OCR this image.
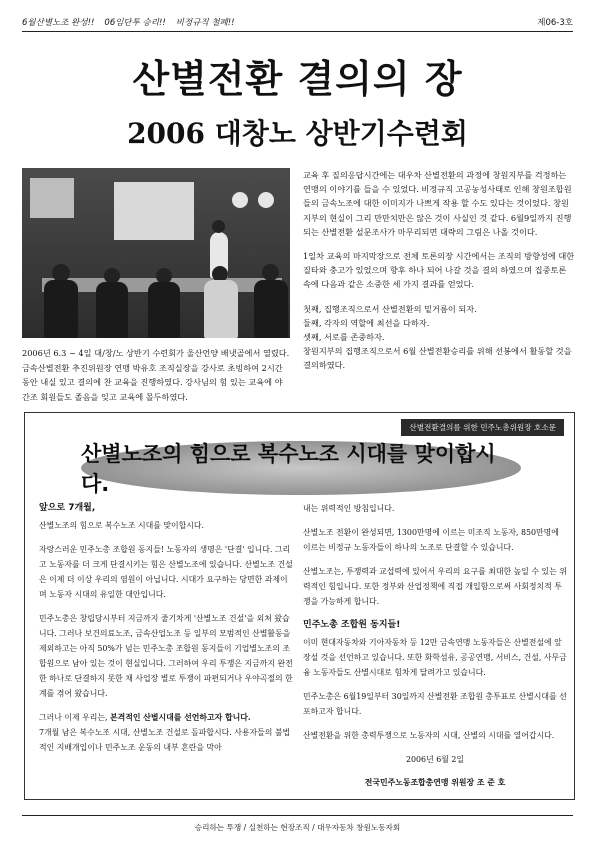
6월산별노조 완성!! 06임단투 승리!! 비정규직 철폐!!	제06-3호
산별전환 결의의 장
2006 대창노 상반기수련회
2006년 6.3 ~ 4일 대/창/노 상반기 수련회가 울산언양 배냇골에서 열렸다. 금속산별전환 추진위원장 연맹 박유호 조직실장을 강사로 초빙하여 2시간동안 내실 있고 결의에 찬 교육을 진행하였다. 강사님의 힘 있는 교육에 야간조 회원들도 졸음을 잊고 교육에 몰두하였다.

교육 후 질의응답시간에는 대우차 산별전환의 과정에 창원지부를 걱정하는 연맹의 이야기를 들을 수 있었다. 비정규직 고공농성사태로 인해 창원조합원들의 금속노조에 대한 이미지가 나쁘게 작용 할 수도 있다는 것이었다. 창원지부의 현실이 그리 만만치만은 않은 것이 사실인 것 같다. 6월9일까지 진행되는 산별전환 설문조사가 마무리되면 대략의 그림은 나올 것이다.

1일차 교육의 마지막장으로 전체 토론의장 시간에서는 조직의 방향성에 대한 질타와 충고가 있었으며 향후 하나 되어 나갈 것을 결의 하였으며 집중토론 속에 다음과 같은 소중한 세 가지 결과를 얻었다.

첫째, 집행조직으로서 산별전환의 밑거름이 되자.
둘째, 각자의 역할에 최선을 다하자.
셋째, 서로를 존중하자.

창원지부의 집행조직으로서 6월 산별전환승리를 위해 선봉에서 활동할 것을 결의하였다.

산별전환결의를 위한 민주노총위원장 호소문
산별노조의 힘으로 복수노조 시대를 맞이합시다.
앞으로 7개월,

산별노조의 힘으로 복수노조 시대를 맞이합시다.

자랑스러운 민주노총 조합원 동지들! 노동자의 생명은 '단결' 입니다. 그리고 노동자를 더 크게 단결시키는 힘은 산별노조에 있습니다. 산별노조 건설은 이제 더 이상 우리의 염원이 아닙니다. 시대가 요구하는 당면한 과제이며 노동자 시대의 유일한 대안입니다.

민주노총은 창립당시부터 지금까지 줄기차게 '산별노조 건설'을 외쳐 왔습니다. 그러나 보건의료노조, 금속산업노조 등 일부의 모범적인 산별활동을 제외하고는 아직 50%가 넘는 민주노총 조합원 동지들이 기업별노조의 조합원으로 남아 있는 것이 현실입니다. 그러하여 우리 투쟁은 지금까지 완전한 하나로 단결하지 못한 채 사업장 별로 투쟁이 파편되거나 우야곡절의 한계를 겪어 왔습니다.

그러나 이제 우리는, 본격적인 산별시대를 선언하고자 합니다.

7개월 남은 복수노조 시대, 산별노조 건설로 돌파합시다. 사용자들의 불법적인 지배개입이나 민주노조 운동의 내부 혼란을 막아

내는 위력적인 방침입니다.

산별노조 전환이 완성되면, 1300만명에 이르는 미조직 노동자, 850만명에 이르는 비정규 노동자들이 하나의 노조로 단결할 수 있습니다.

산별노조는, 투쟁력과 교섭력에 있어서 우리의 요구를 최대한 높일 수 있는 위력적인 힘입니다. 또한 정부와 산업정책에 직접 개입함으로써 사회정치적 투쟁을 가능하게 합니다.

민주노총 조합원 동지들!

이미 현대자동차와 기아자동차 등 12만 금속연맹 노동자들은 산별전설에 앞장설 것을 선언하고 있습니다. 또한 화학섬유, 공공연맹, 서비스, 건설, 사무금융 노동자들도 산별시대로 힘차게 달려가고 있습니다.

민주노총은 6월19일부터 30일까지 산별전환 조합원 총투표로 산별시대를 선포하고자 합니다.

산별전환을 위한 총력투쟁으로 노동자의 시대, 산별의 시대를 열어갑시다.

2006년 6월 2일
전국민주노동조합총연맹 위원장 조 준 호
승리하는 투쟁 / 실천하는 현장조직 / 대우자동차 창원노동자회
